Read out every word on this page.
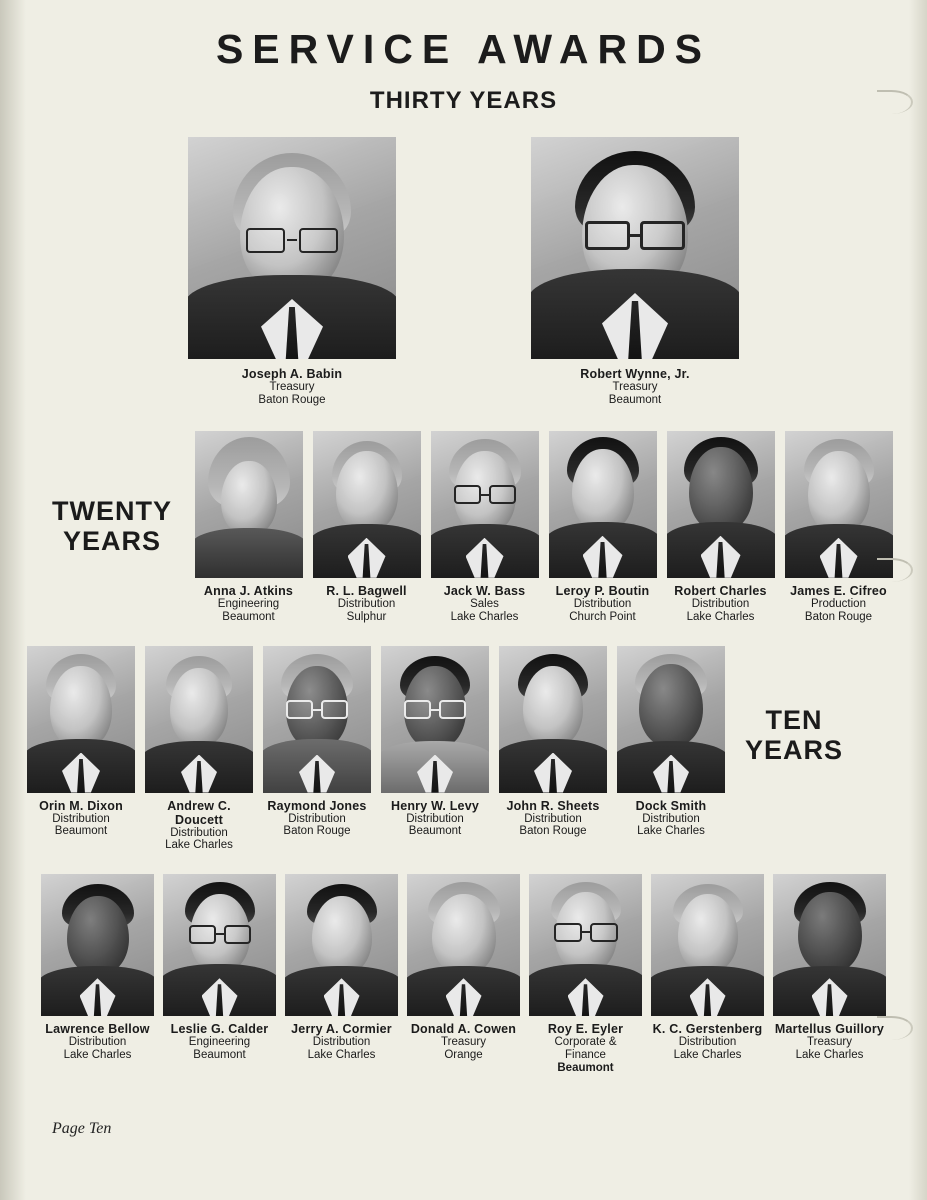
SERVICE AWARDS
THIRTY YEARS
Joseph A. Babin
Treasury
Baton Rouge
Robert Wynne, Jr.
Treasury
Beaumont
TWENTY
YEARS
Anna J. Atkins
Engineering
Beaumont
R. L. Bagwell
Distribution
Sulphur
Jack W. Bass
Sales
Lake Charles
Leroy P. Boutin
Distribution
Church Point
Robert Charles
Distribution
Lake Charles
James E. Cifreo
Production
Baton Rouge
TEN
YEARS
Orin M. Dixon
Distribution
Beaumont
Andrew C. Doucett
Distribution
Lake Charles
Raymond Jones
Distribution
Baton Rouge
Henry W. Levy
Distribution
Beaumont
John R. Sheets
Distribution
Baton Rouge
Dock Smith
Distribution
Lake Charles
Lawrence Bellow
Distribution
Lake Charles
Leslie G. Calder
Engineering
Beaumont
Jerry A. Cormier
Distribution
Lake Charles
Donald A. Cowen
Treasury
Orange
Roy E. Eyler
Corporate &
Finance
Beaumont
K. C. Gerstenberg
Distribution
Lake Charles
Martellus Guillory
Treasury
Lake Charles
Page Ten
